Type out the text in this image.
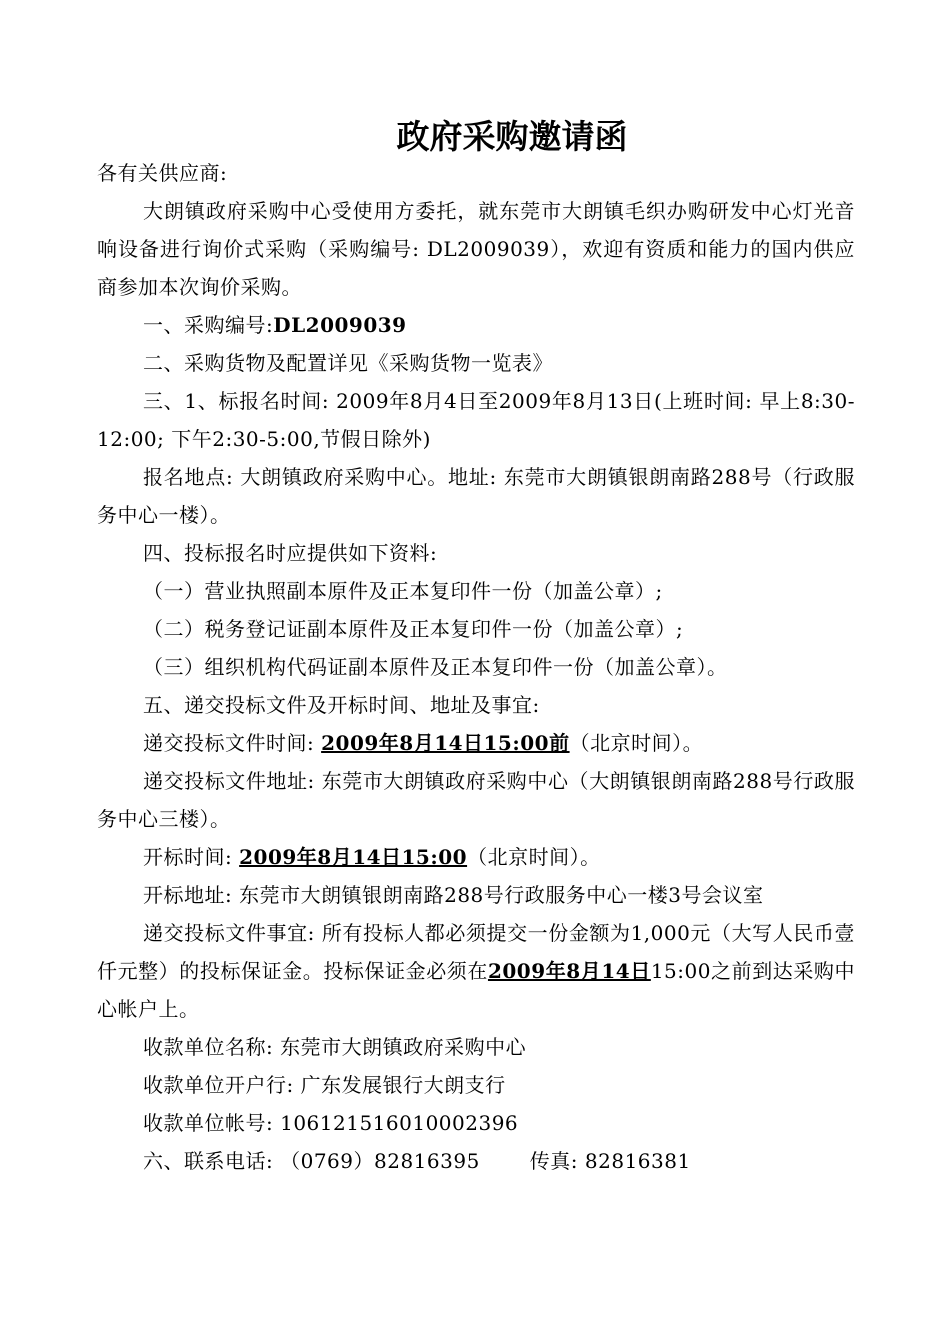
政府采购邀请函

各有关供应商:

大朗镇政府采购中心受使用方委托，就东莞市大朗镇毛织办购研发中心灯光音响设备进行询价式采购（采购编号: DL2009039），欢迎有资质和能力的国内供应商参加本次询价采购。

一、采购编号:DL2009039

二、采购货物及配置详见《采购货物一览表》

三、1、标报名时间: 2009年8月4日至2009年8月13日(上班时间: 早上8:30-12:00; 下午2:30-5:00,节假日除外)

报名地点: 大朗镇政府采购中心。地址: 东莞市大朗镇银朗南路288号（行政服务中心一楼）。

四、投标报名时应提供如下资料:

（一）营业执照副本原件及正本复印件一份（加盖公章）;

（二）税务登记证副本原件及正本复印件一份（加盖公章）;

（三）组织机构代码证副本原件及正本复印件一份（加盖公章）。

五、递交投标文件及开标时间、地址及事宜:

递交投标文件时间: 2009年8月14日15:00前（北京时间）。

递交投标文件地址: 东莞市大朗镇政府采购中心（大朗镇银朗南路288号行政服务中心三楼）。

开标时间: 2009年8月14日15:00（北京时间）。

开标地址: 东莞市大朗镇银朗南路288号行政服务中心一楼3号会议室

递交投标文件事宜: 所有投标人都必须提交一份金额为1,000元（大写人民币壹仟元整）的投标保证金。投标保证金必须在2009年8月14日15:00之前到达采购中心帐户上。

收款单位名称: 东莞市大朗镇政府采购中心

收款单位开户行: 广东发展银行大朗支行

收款单位帐号: 106121516010002396

六、联系电话: （0769）82816395	传真: 82816381
